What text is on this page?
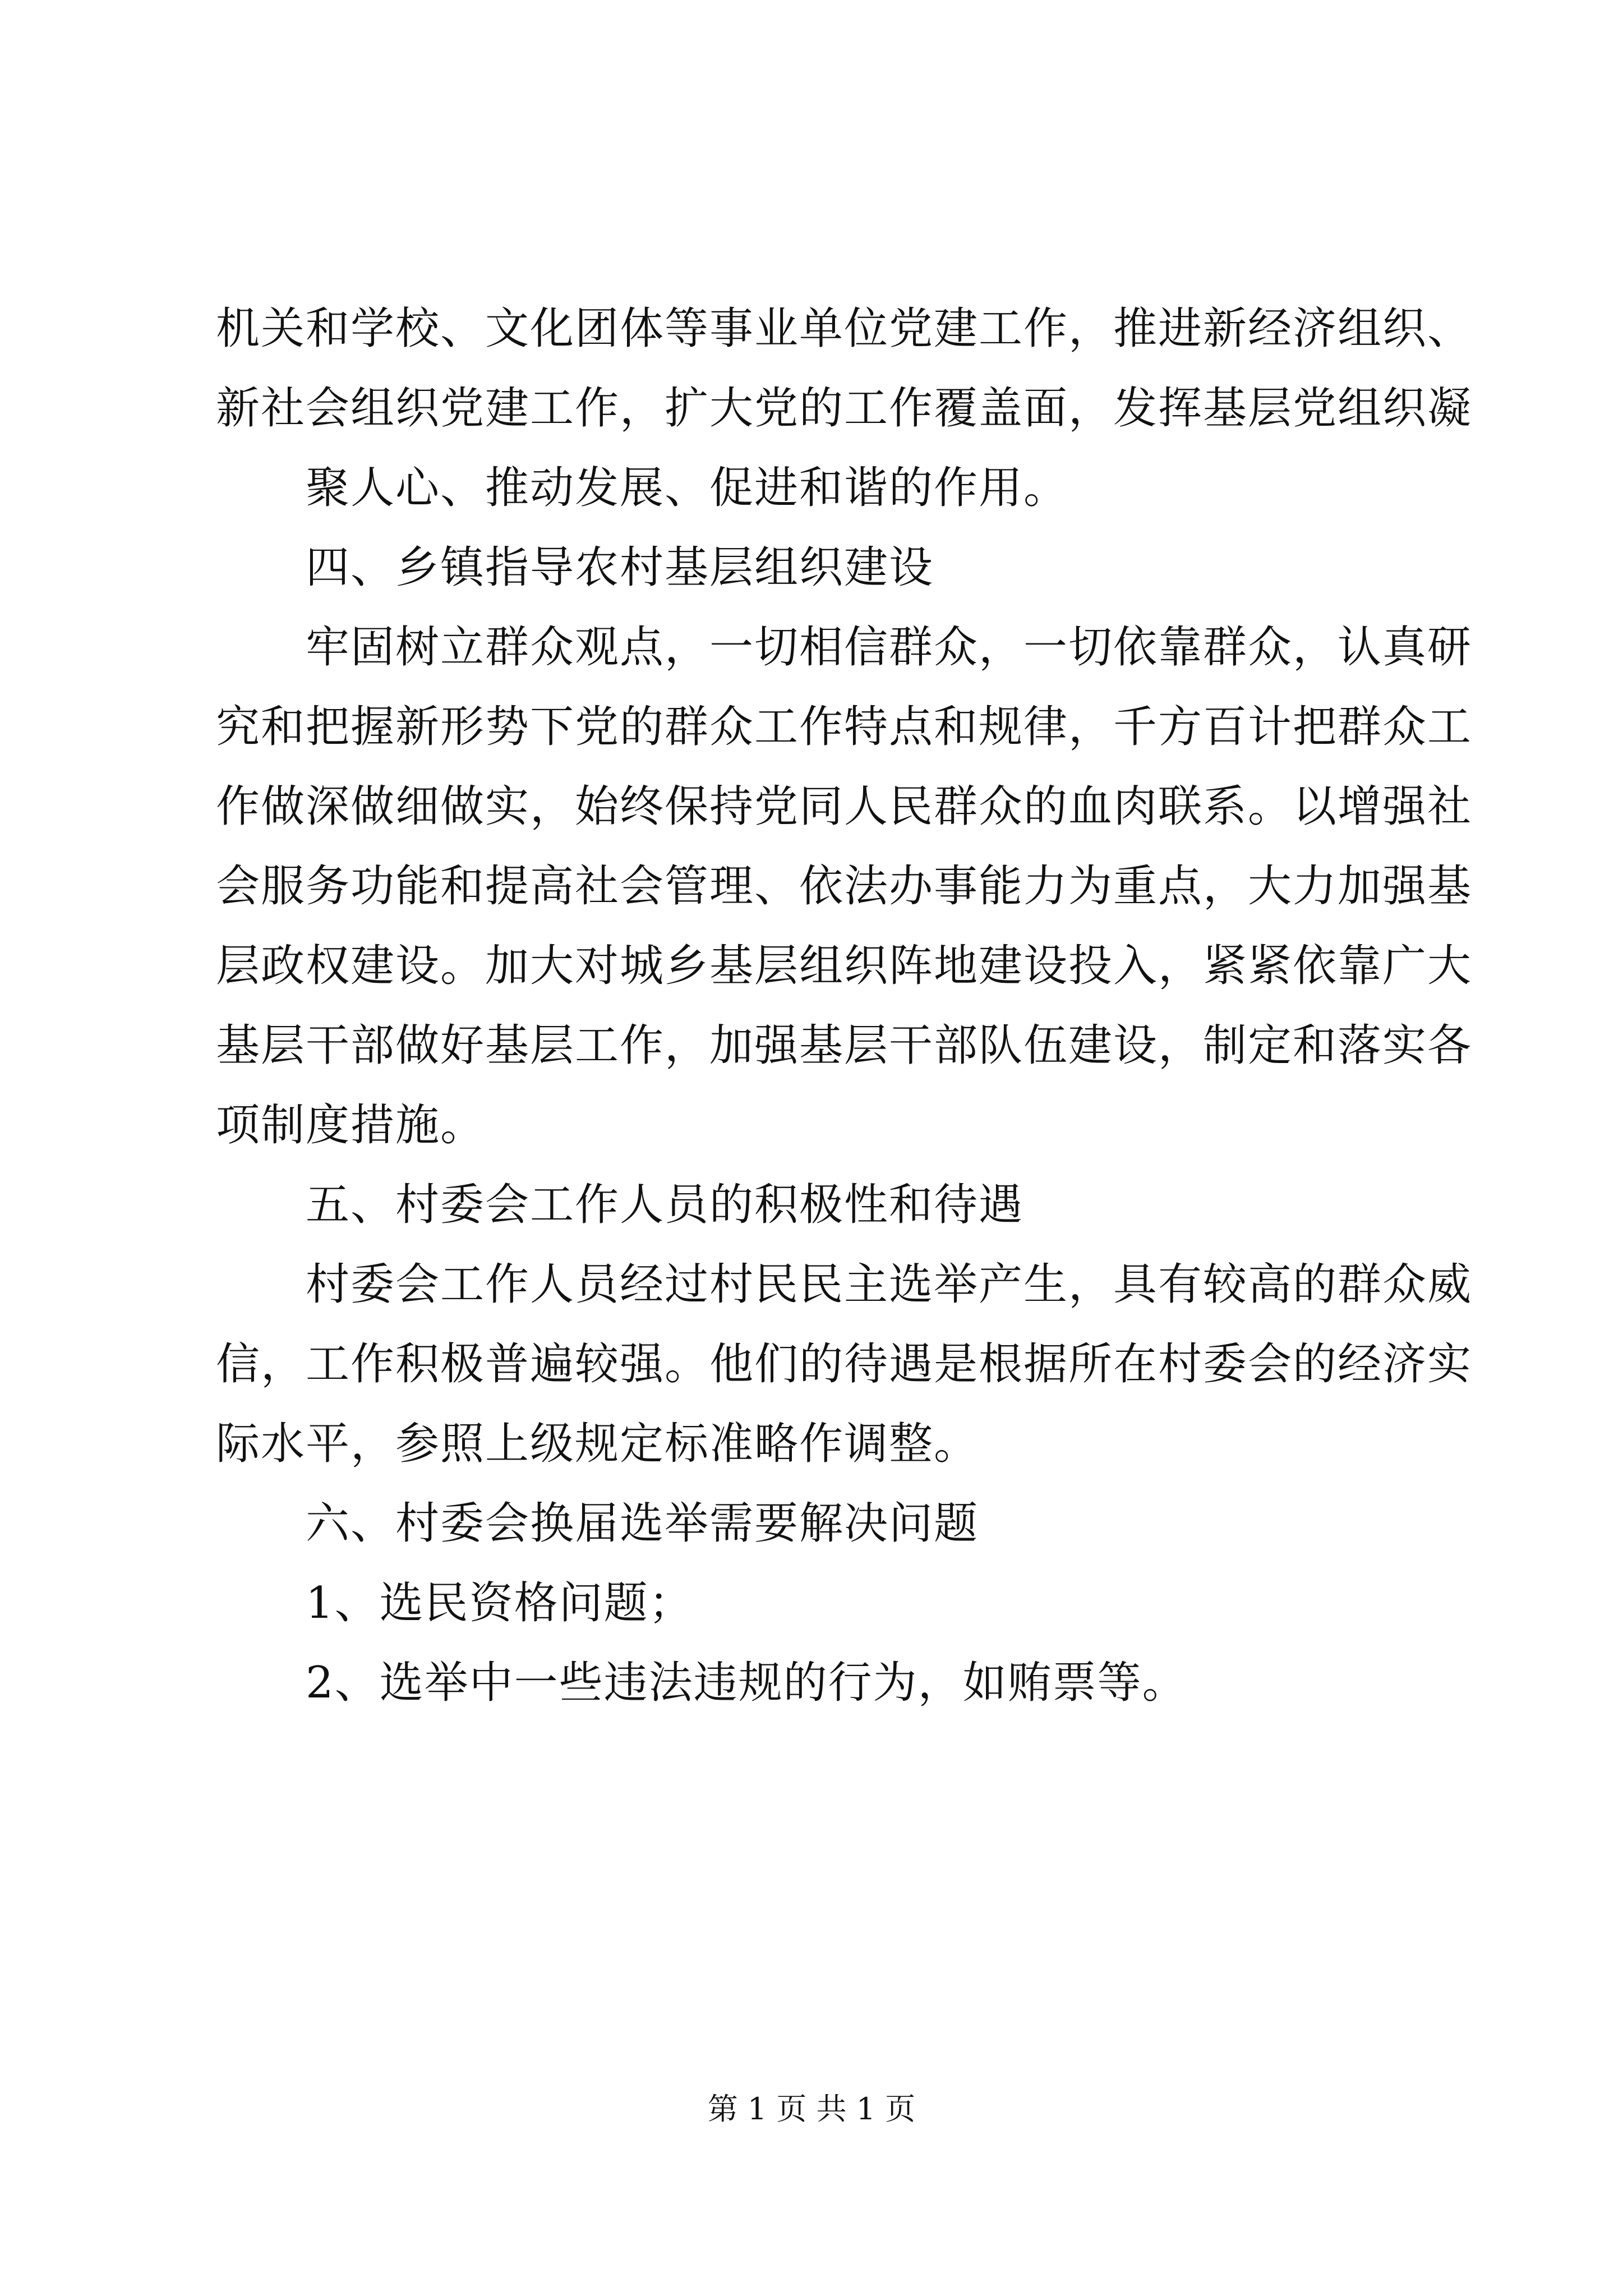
机关和学校、文化团体等事业单位党建工作，推进新经济组织、
新社会组织党建工作，扩大党的工作覆盖面，发挥基层党组织凝
聚人心、推动发展、促进和谐的作用。
四、乡镇指导农村基层组织建设
牢固树立群众观点，一切相信群众，一切依靠群众，认真研
究和把握新形势下党的群众工作特点和规律，千方百计把群众工
作做深做细做实，始终保持党同人民群众的血肉联系。以增强社
会服务功能和提高社会管理、依法办事能力为重点，大力加强基
层政权建设。加大对城乡基层组织阵地建设投入，紧紧依靠广大
基层干部做好基层工作，加强基层干部队伍建设，制定和落实各
项制度措施。
五、村委会工作人员的积极性和待遇
村委会工作人员经过村民民主选举产生，具有较高的群众威
信，工作积极普遍较强。他们的待遇是根据所在村委会的经济实
际水平，参照上级规定标准略作调整。
六、村委会换届选举需要解决问题
1、选民资格问题；
2、选举中一些违法违规的行为，如贿票等。
第 1 页 共 1 页
